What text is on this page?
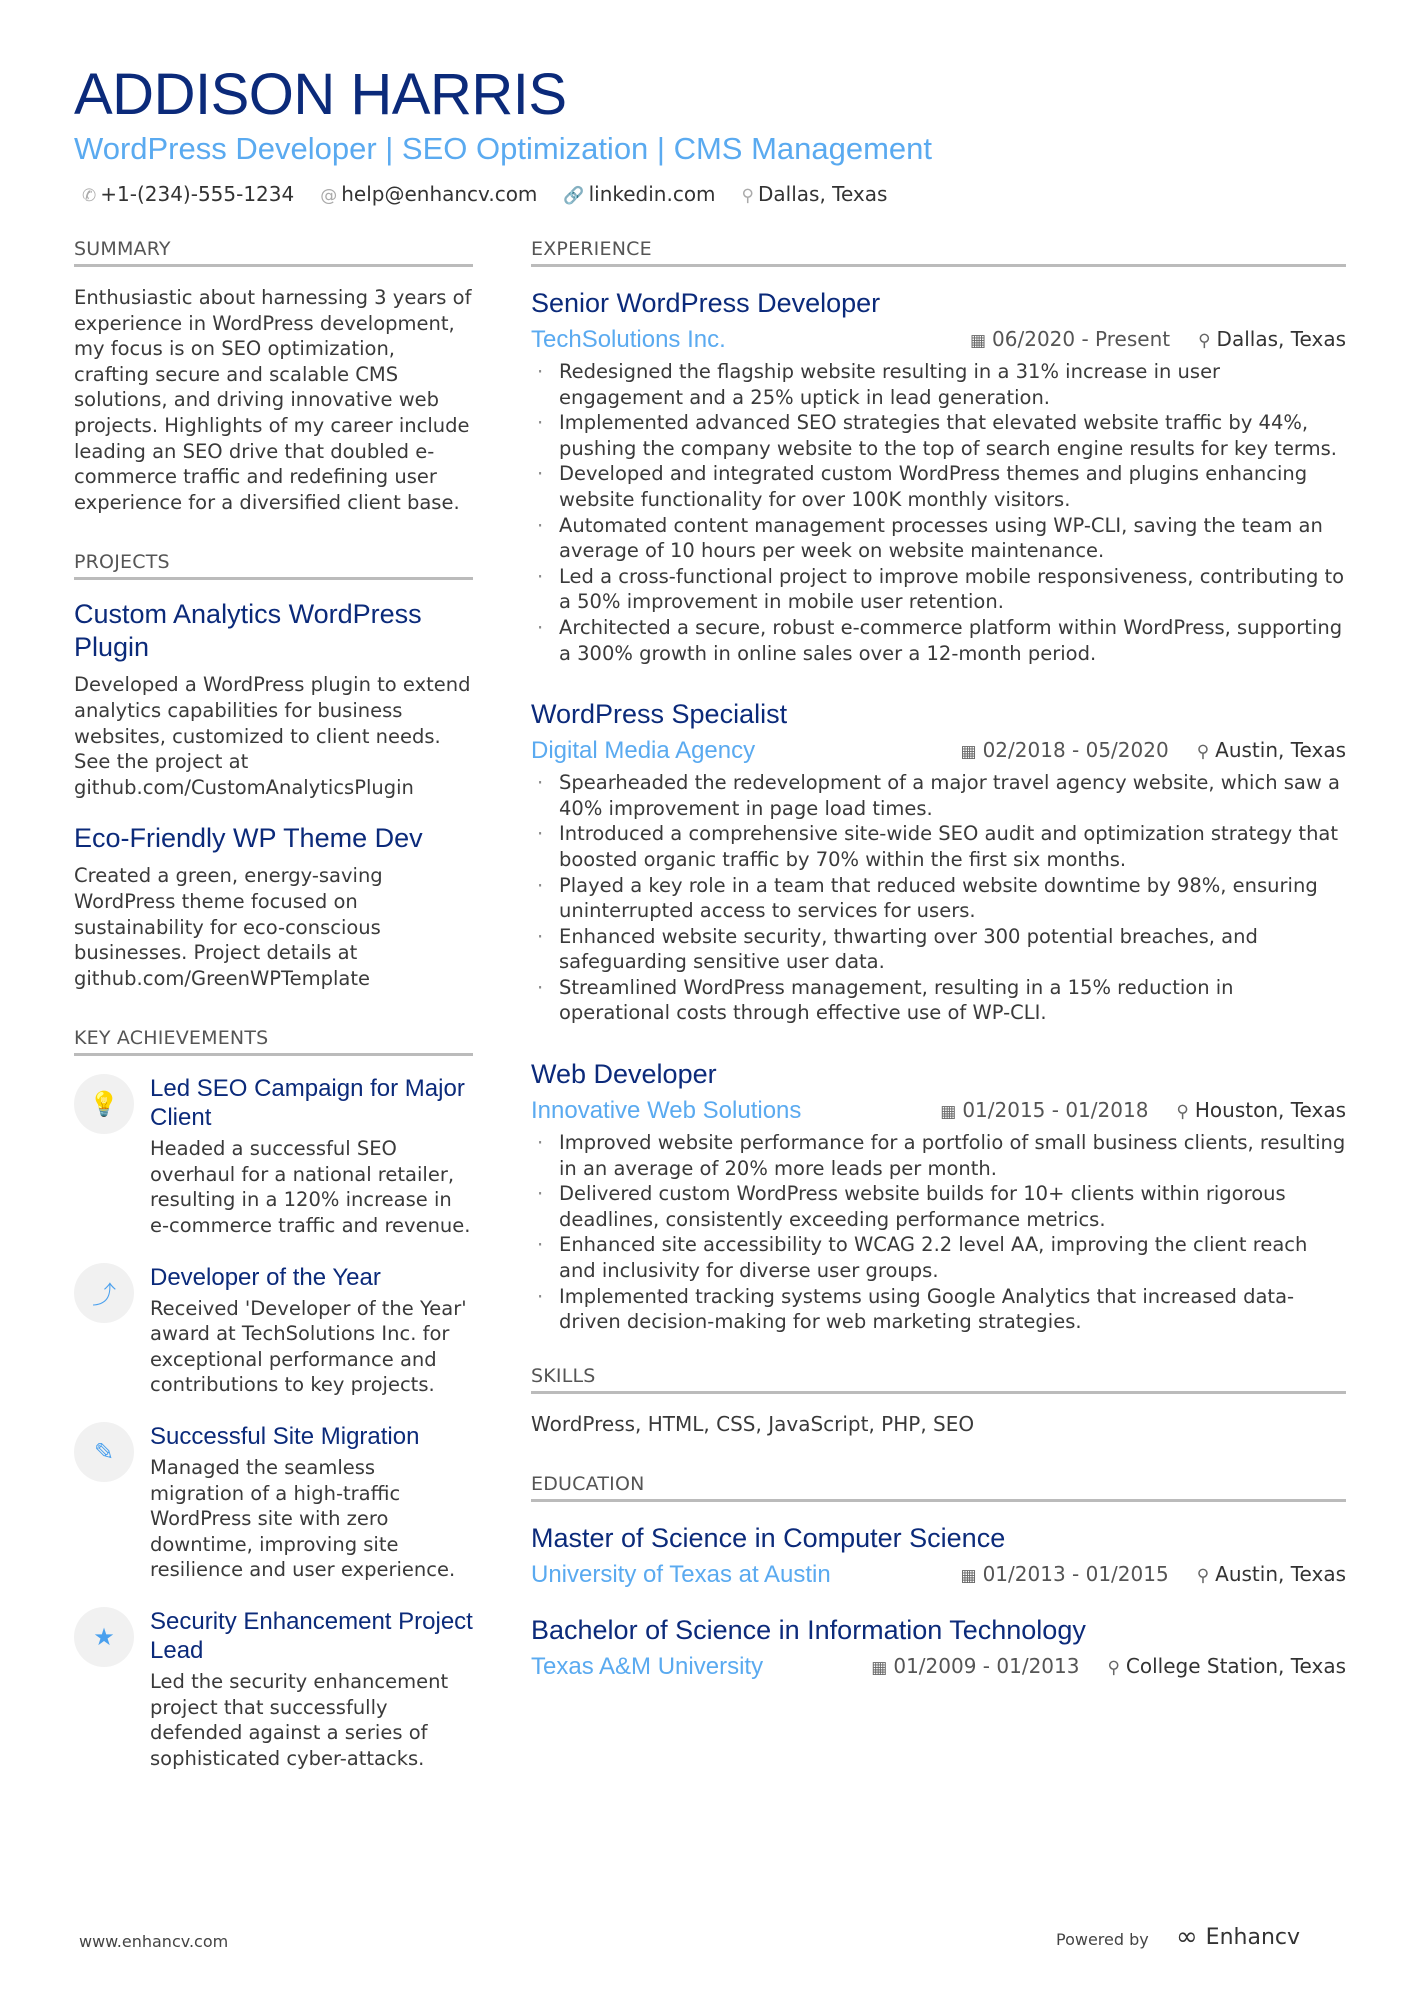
ADDISON HARRIS
WordPress Developer | SEO Optimization | CMS Management
✆ +1-(234)-555-1234 @ help@enhancv.com 🔗 linkedin.com ⚲ Dallas, Texas
SUMMARY
Enthusiastic about harnessing 3 years of experience in WordPress development, my focus is on SEO optimization, crafting secure and scalable CMS solutions, and driving innovative web projects. Highlights of my career include leading an SEO drive that doubled e-commerce traffic and redefining user experience for a diversified client base.
PROJECTS
Custom Analytics WordPress Plugin
Developed a WordPress plugin to extend analytics capabilities for business websites, customized to client needs. See the project at github.com/CustomAnalyticsPlugin
Eco-Friendly WP Theme Dev
Created a green, energy-saving WordPress theme focused on sustainability for eco-conscious businesses. Project details at github.com/GreenWPTemplate
KEY ACHIEVEMENTS
💡
Led SEO Campaign for Major Client
Headed a successful SEO overhaul for a national retailer, resulting in a 120% increase in e-commerce traffic and revenue.
⤴
Developer of the Year
Received 'Developer of the Year' award at TechSolutions Inc. for exceptional performance and contributions to key projects.
✎
Successful Site Migration
Managed the seamless migration of a high-traffic WordPress site with zero downtime, improving site resilience and user experience.
★
Security Enhancement Project Lead
Led the security enhancement project that successfully defended against a series of sophisticated cyber-attacks.
EXPERIENCE
Senior WordPress Developer
TechSolutions Inc.	▦ 06/2020 - Present ⚲ Dallas, Texas
· Redesigned the flagship website resulting in a 31% increase in user engagement and a 25% uptick in lead generation.
· Implemented advanced SEO strategies that elevated website traffic by 44%, pushing the company website to the top of search engine results for key terms.
· Developed and integrated custom WordPress themes and plugins enhancing website functionality for over 100K monthly visitors.
· Automated content management processes using WP-CLI, saving the team an average of 10 hours per week on website maintenance.
· Led a cross-functional project to improve mobile responsiveness, contributing to a 50% improvement in mobile user retention.
· Architected a secure, robust e-commerce platform within WordPress, supporting a 300% growth in online sales over a 12-month period.
WordPress Specialist
Digital Media Agency	▦ 02/2018 - 05/2020 ⚲ Austin, Texas
· Spearheaded the redevelopment of a major travel agency website, which saw a 40% improvement in page load times.
· Introduced a comprehensive site-wide SEO audit and optimization strategy that boosted organic traffic by 70% within the first six months.
· Played a key role in a team that reduced website downtime by 98%, ensuring uninterrupted access to services for users.
· Enhanced website security, thwarting over 300 potential breaches, and safeguarding sensitive user data.
· Streamlined WordPress management, resulting in a 15% reduction in operational costs through effective use of WP-CLI.
Web Developer
Innovative Web Solutions	▦ 01/2015 - 01/2018 ⚲ Houston, Texas
· Improved website performance for a portfolio of small business clients, resulting in an average of 20% more leads per month.
· Delivered custom WordPress website builds for 10+ clients within rigorous deadlines, consistently exceeding performance metrics.
· Enhanced site accessibility to WCAG 2.2 level AA, improving the client reach and inclusivity for diverse user groups.
· Implemented tracking systems using Google Analytics that increased data-driven decision-making for web marketing strategies.
SKILLS
WordPress, HTML, CSS, JavaScript, PHP, SEO
EDUCATION
Master of Science in Computer Science
University of Texas at Austin	▦ 01/2013 - 01/2015 ⚲ Austin, Texas
Bachelor of Science in Information Technology
Texas A&M University	▦ 01/2009 - 01/2013 ⚲ College Station, Texas
www.enhancv.com	Powered by ∞ Enhancv
